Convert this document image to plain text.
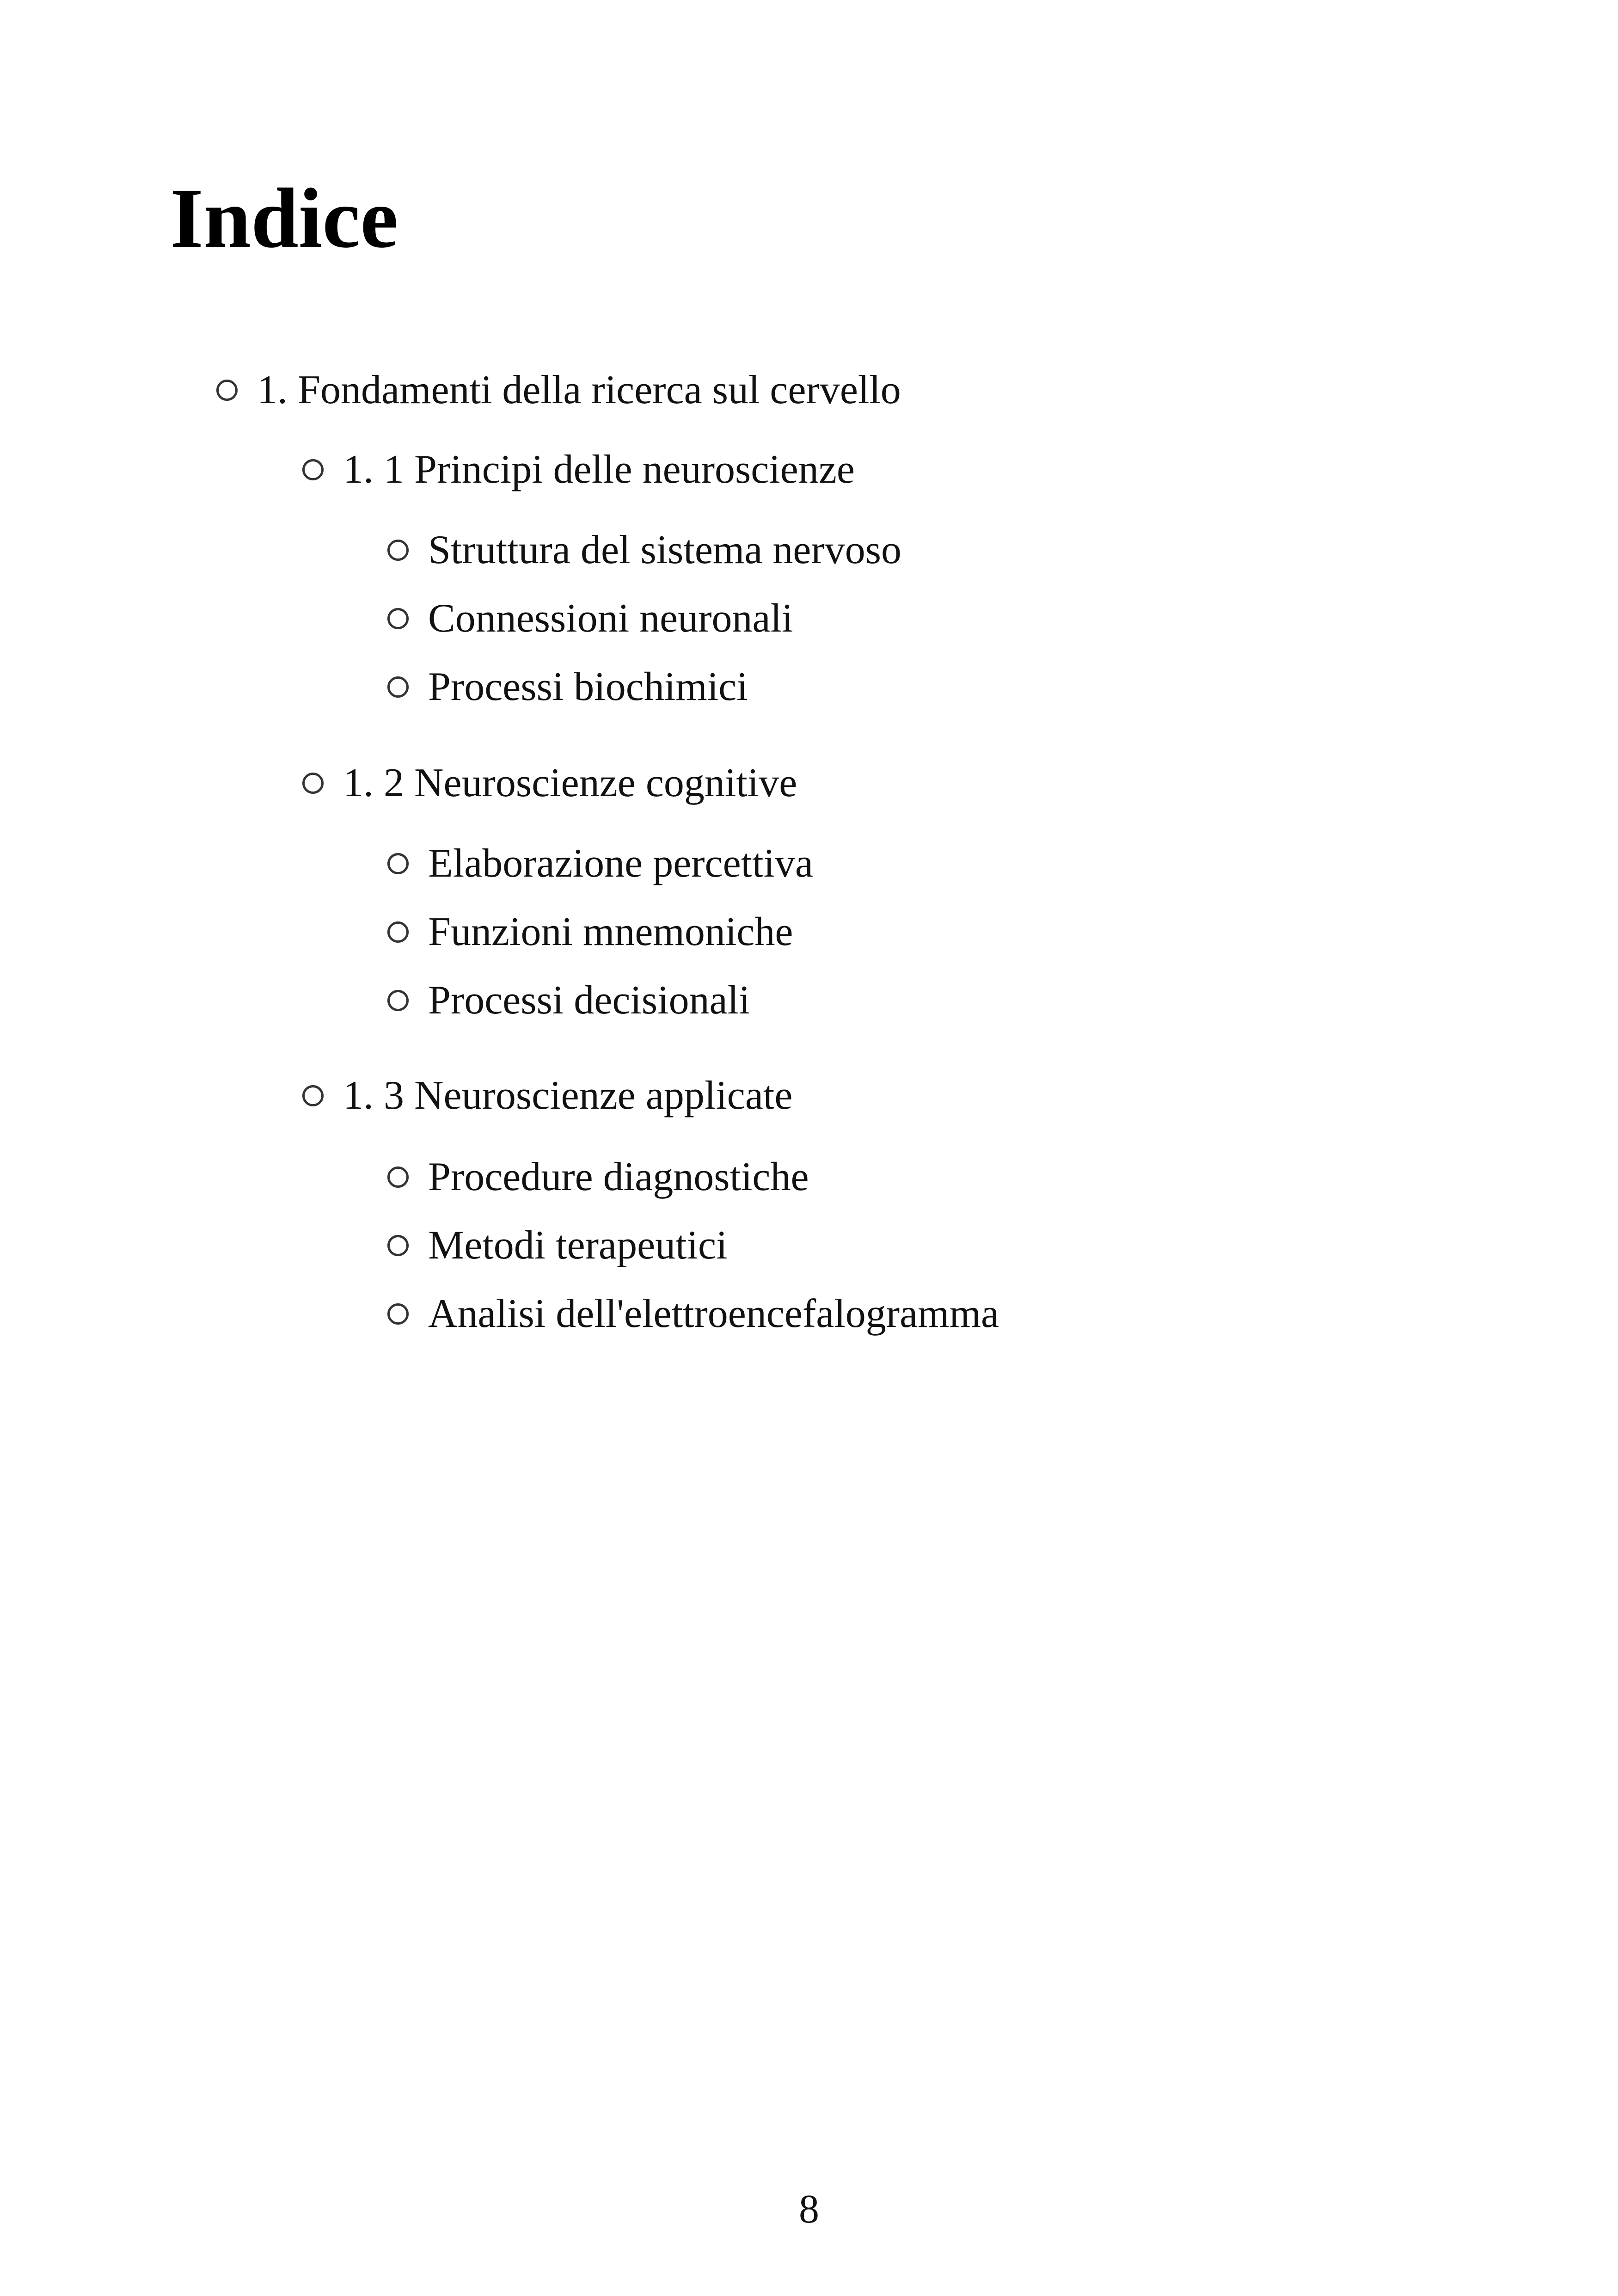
Indice
1. Fondamenti della ricerca sul cervello
1. 1 Principi delle neuroscienze
Struttura del sistema nervoso
Connessioni neuronali
Processi biochimici
1. 2 Neuroscienze cognitive
Elaborazione percettiva
Funzioni mnemoniche
Processi decisionali
1. 3 Neuroscienze applicate
Procedure diagnostiche
Metodi terapeutici
Analisi dell'elettroencefalogramma
8
